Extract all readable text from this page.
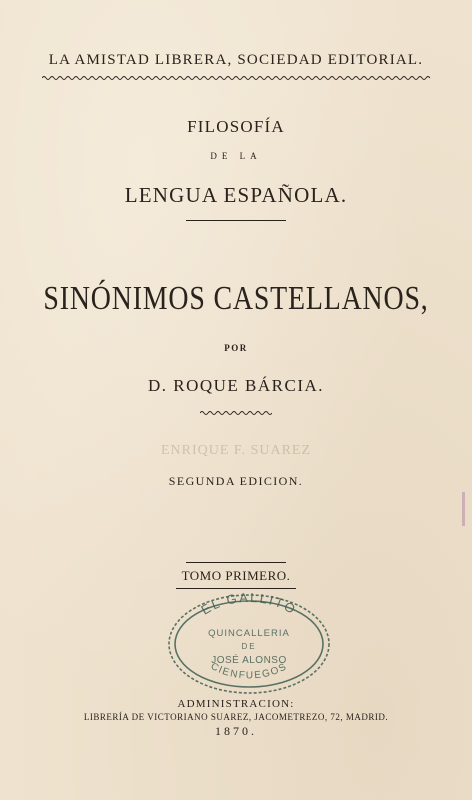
LA AMISTAD LIBRERA, SOCIEDAD EDITORIAL.
FILOSOFÍA
DE LA
LENGUA ESPAÑOLA.
SINÓNIMOS CASTELLANOS,
POR
D. ROQUE BÁRCIA.
ENRIQUE F. SUAREZ
SEGUNDA EDICION.
TOMO PRIMERO.
EL GALLITO
QUINCALLERIA
DE
JOSÉ ALONSO
CIENFUEGOS
ADMINISTRACION:
LIBRERÍA DE VICTORIANO SUAREZ, JACOMETREZO, 72, MADRID.
1870.
